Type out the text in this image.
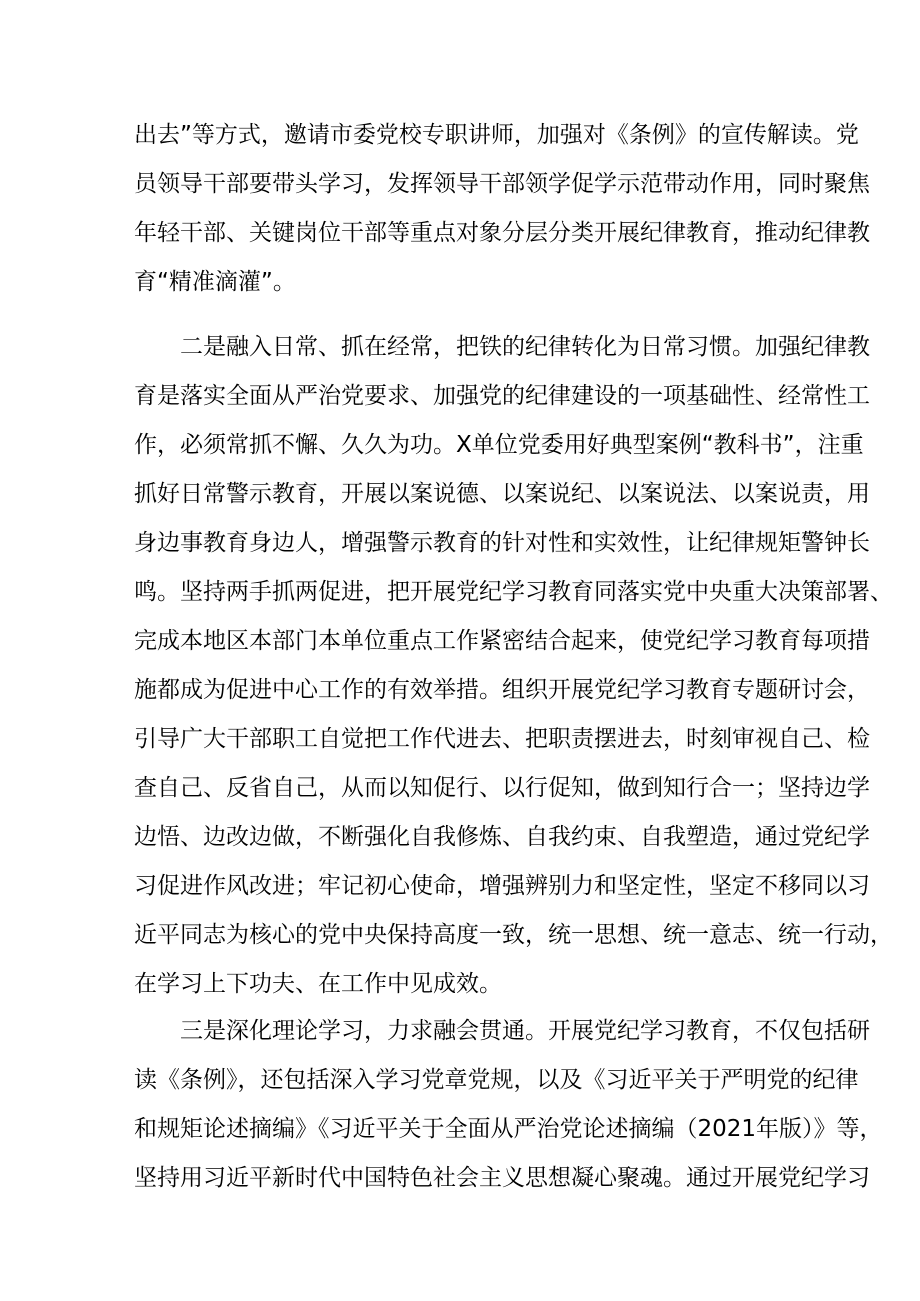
出去”等方式，邀请市委党校专职讲师，加强对《条例》的宣传解读。党
员领导干部要带头学习，发挥领导干部领学促学示范带动作用，同时聚焦
年轻干部、关键岗位干部等重点对象分层分类开展纪律教育，推动纪律教
育“精准滴灌”。
二是融入日常、抓在经常，把铁的纪律转化为日常习惯。加强纪律教
育是落实全面从严治党要求、加强党的纪律建设的一项基础性、经常性工
作，必须常抓不懈、久久为功。X单位党委用好典型案例“教科书”，注重
抓好日常警示教育，开展以案说德、以案说纪、以案说法、以案说责，用
身边事教育身边人，增强警示教育的针对性和实效性，让纪律规矩警钟长
鸣。坚持两手抓两促进，把开展党纪学习教育同落实党中央重大决策部署、
完成本地区本部门本单位重点工作紧密结合起来，使党纪学习教育每项措
施都成为促进中心工作的有效举措。组织开展党纪学习教育专题研讨会，
引导广大干部职工自觉把工作代进去、把职责摆进去，时刻审视自己、检
查自己、反省自己，从而以知促行、以行促知，做到知行合一；坚持边学
边悟、边改边做，不断强化自我修炼、自我约束、自我塑造，通过党纪学
习促进作风改进；牢记初心使命，增强辨别力和坚定性，坚定不移同以习
近平同志为核心的党中央保持高度一致，统一思想、统一意志、统一行动，
在学习上下功夫、在工作中见成效。
三是深化理论学习，力求融会贯通。开展党纪学习教育，不仅包括研
读《条例》，还包括深入学习党章党规，以及《习近平关于严明党的纪律
和规矩论述摘编》《习近平关于全面从严治党论述摘编（2021年版）》等，
坚持用习近平新时代中国特色社会主义思想凝心聚魂。通过开展党纪学习
